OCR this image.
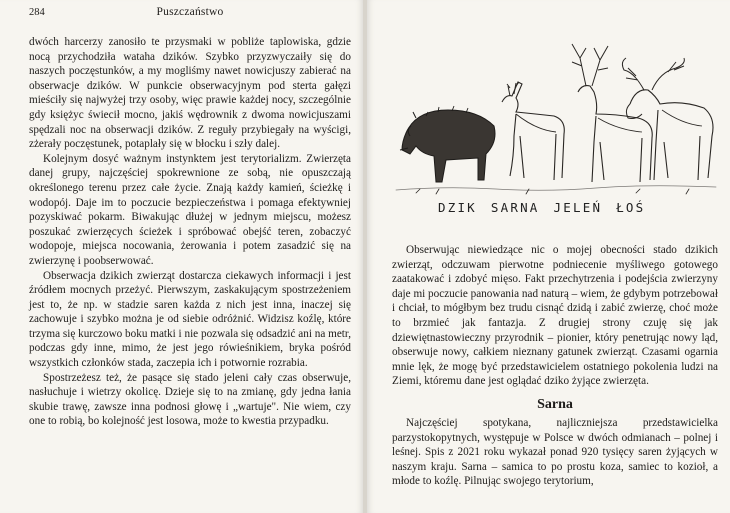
284	Puszczaństwo

dwóch harcerzy zanosiło te przysmaki w pobliże taplowiska, gdzie nocą przychodziła wataha dzików. Szybko przyzwyczaiły się do naszych poczęstunków, a my mogliśmy nawet nowicjuszy zabierać na obserwacje dzików. W punkcie obserwacyjnym pod sterta gałęzi mieściły się najwyżej trzy osoby, więc prawie każdej nocy, szczególnie gdy księżyc świecił mocno, jakiś wędrownik z dwoma nowicjuszami spędzali noc na obserwacji dzików. Z reguły przybiegały na wyścigi, zżerały poczęstunek, potaplały się w błocku i szły dalej.

Kolejnym dosyć ważnym instynktem jest terytorializm. Zwierzęta danej grupy, najczęściej spokrewnione ze sobą, nie opuszczają określonego terenu przez całe życie. Znają każdy kamień, ścieżkę i wodopój. Daje im to poczucie bezpieczeństwa i pomaga efektywniej pozyskiwać pokarm. Biwakując dłużej w jednym miejscu, możesz poszukać zwierzęcych ścieżek i spróbować obejść teren, zobaczyć wodopoje, miejsca nocowania, żerowania i potem zasadzić się na zwierzynę i poobserwować.

Obserwacja dzikich zwierząt dostarcza ciekawych informacji i jest źródłem mocnych przeżyć. Pierwszym, zaskakującym spostrzeżeniem jest to, że np. w stadzie saren każda z nich jest inna, inaczej się zachowuje i szybko można je od siebie odróżnić. Widzisz koźlę, które trzyma się kurczowo boku matki i nie pozwala się odsadzić ani na metr, podczas gdy inne, mimo, że jest jego rówieśnikiem, bryka pośród wszystkich członków stada, zaczepia ich i potwornie rozrabia.

Spostrzeżesz też, że pasące się stado jeleni cały czas obserwuje, nasłuchuje i wietrzy okolicę. Dzieje się to na zmianę, gdy jedna łania skubie trawę, zawsze inna podnosi głowę i „wartuje". Nie wiem, czy one to robią, bo kolejność jest losowa, może to kwestia przypadku.

DZIK SARNA JELEŃ ŁOŚ

Obserwując niewiedzące nic o mojej obecności stado dzikich zwierząt, odczuwam pierwotne podniecenie myśliwego gotowego zaatakować i zdobyć mięso. Fakt przechytrzenia i podejścia zwierzyny daje mi poczucie panowania nad naturą – wiem, że gdybym potrzebował i chciał, to mógłbym bez trudu cisnąć dzidą i zabić zwierzę, choć może to brzmieć jak fantazja. Z drugiej strony czuję się jak dziewiętnastowieczny przyrodnik – pionier, który penetrując nowy ląd, obserwuje nowy, całkiem nieznany gatunek zwierząt. Czasami ogarnia mnie lęk, że mogę być przedstawicielem ostatniego pokolenia ludzi na Ziemi, któremu dane jest oglądać dziko żyjące zwierzęta.

Sarna

Najczęściej spotykana, najliczniejsza przedstawicielka parzystokopytnych, występuje w Polsce w dwóch odmianach – polnej i leśnej. Spis z 2021 roku wykazał ponad 920 tysięcy saren żyjących w naszym kraju. Sarna – samica to po prostu koza, samiec to kozioł, a młode to koźlę. Pilnując swojego terytorium,
